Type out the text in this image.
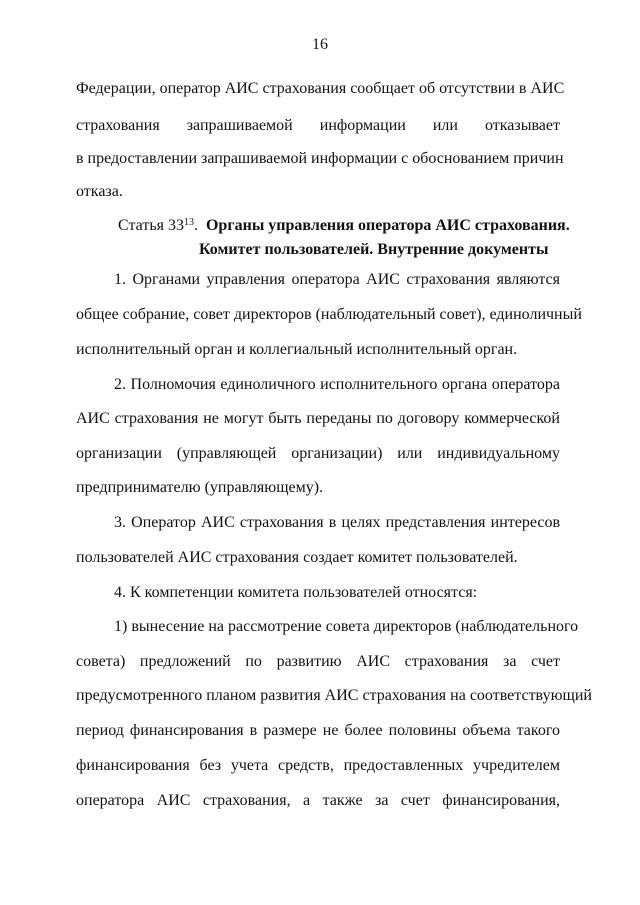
16
Федерации, оператор АИС страхования сообщает об отсутствии в АИС
страхования запрашиваемой информации или отказывает
в предоставлении запрашиваемой информации с обоснованием причин
отказа.
Статья $33^{13}$.  Органы управления оператора АИС страхования.
Комитет пользователей. Внутренние документы
1. Органами управления оператора АИС страхования являются
общее собрание, совет директоров (наблюдательный совет), единоличный
исполнительный орган и коллегиальный исполнительный орган.
2. Полномочия единоличного исполнительного органа оператора
АИС страхования не могут быть переданы по договору коммерческой
организации (управляющей организации) или индивидуальному
предпринимателю (управляющему).
3. Оператор АИС страхования в целях представления интересов
пользователей АИС страхования создает комитет пользователей.
4. К компетенции комитета пользователей относятся:
1) вынесение на рассмотрение совета директоров (наблюдательного
совета) предложений по развитию АИС страхования за счет
предусмотренного планом развития АИС страхования на соответствующий
период финансирования в размере не более половины объема такого
финансирования без учета средств, предоставленных учредителем
оператора АИС страхования, а также за счет финансирования,
